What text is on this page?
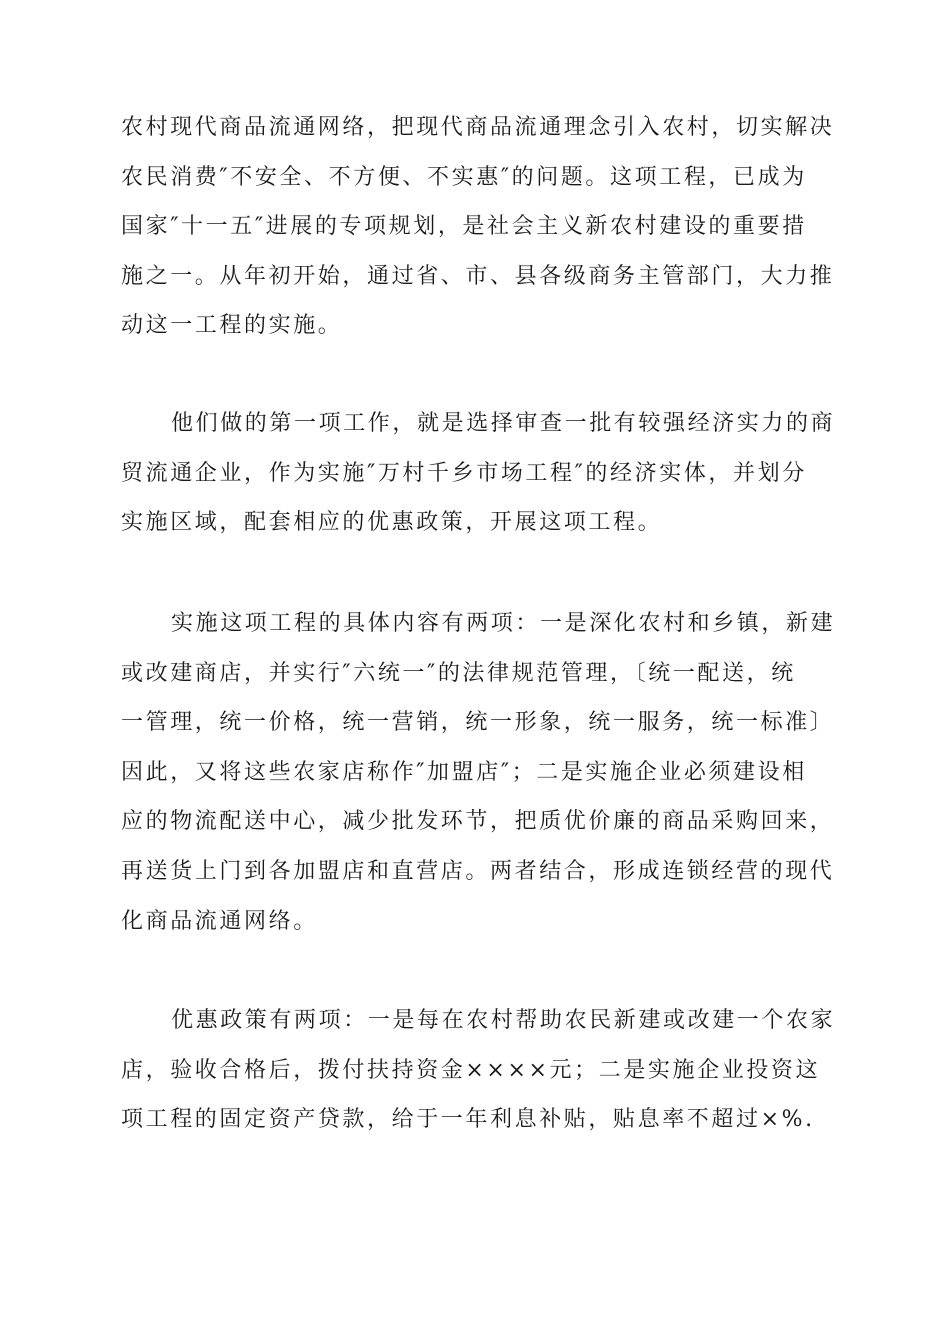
农村现代商品流通网络，把现代商品流通理念引入农村，切实解决
农民消费″不安全、不方便、不实惠″的问题。这项工程，已成为
国家″十一五″进展的专项规划，是社会主义新农村建设的重要措
施之一。从年初开始，通过省、市、县各级商务主管部门，大力推
动这一工程的实施。
他们做的第一项工作，就是选择审查一批有较强经济实力的商
贸流通企业，作为实施″万村千乡市场工程″的经济实体，并划分
实施区域，配套相应的优惠政策，开展这项工程。
实施这项工程的具体内容有两项：一是深化农村和乡镇，新建
或改建商店，并实行″六统一″的法律规范管理，〔统一配送，统
一管理，统一价格，统一营销，统一形象，统一服务，统一标准〕
因此，又将这些农家店称作″加盟店″；二是实施企业必须建设相
应的物流配送中心，减少批发环节，把质优价廉的商品采购回来，
再送货上门到各加盟店和直营店。两者结合，形成连锁经营的现代
化商品流通网络。
优惠政策有两项：一是每在农村帮助农民新建或改建一个农家
店，验收合格后，拨付扶持资金××××元；二是实施企业投资这
项工程的固定资产贷款，给于一年利息补贴，贴息率不超过×%.
